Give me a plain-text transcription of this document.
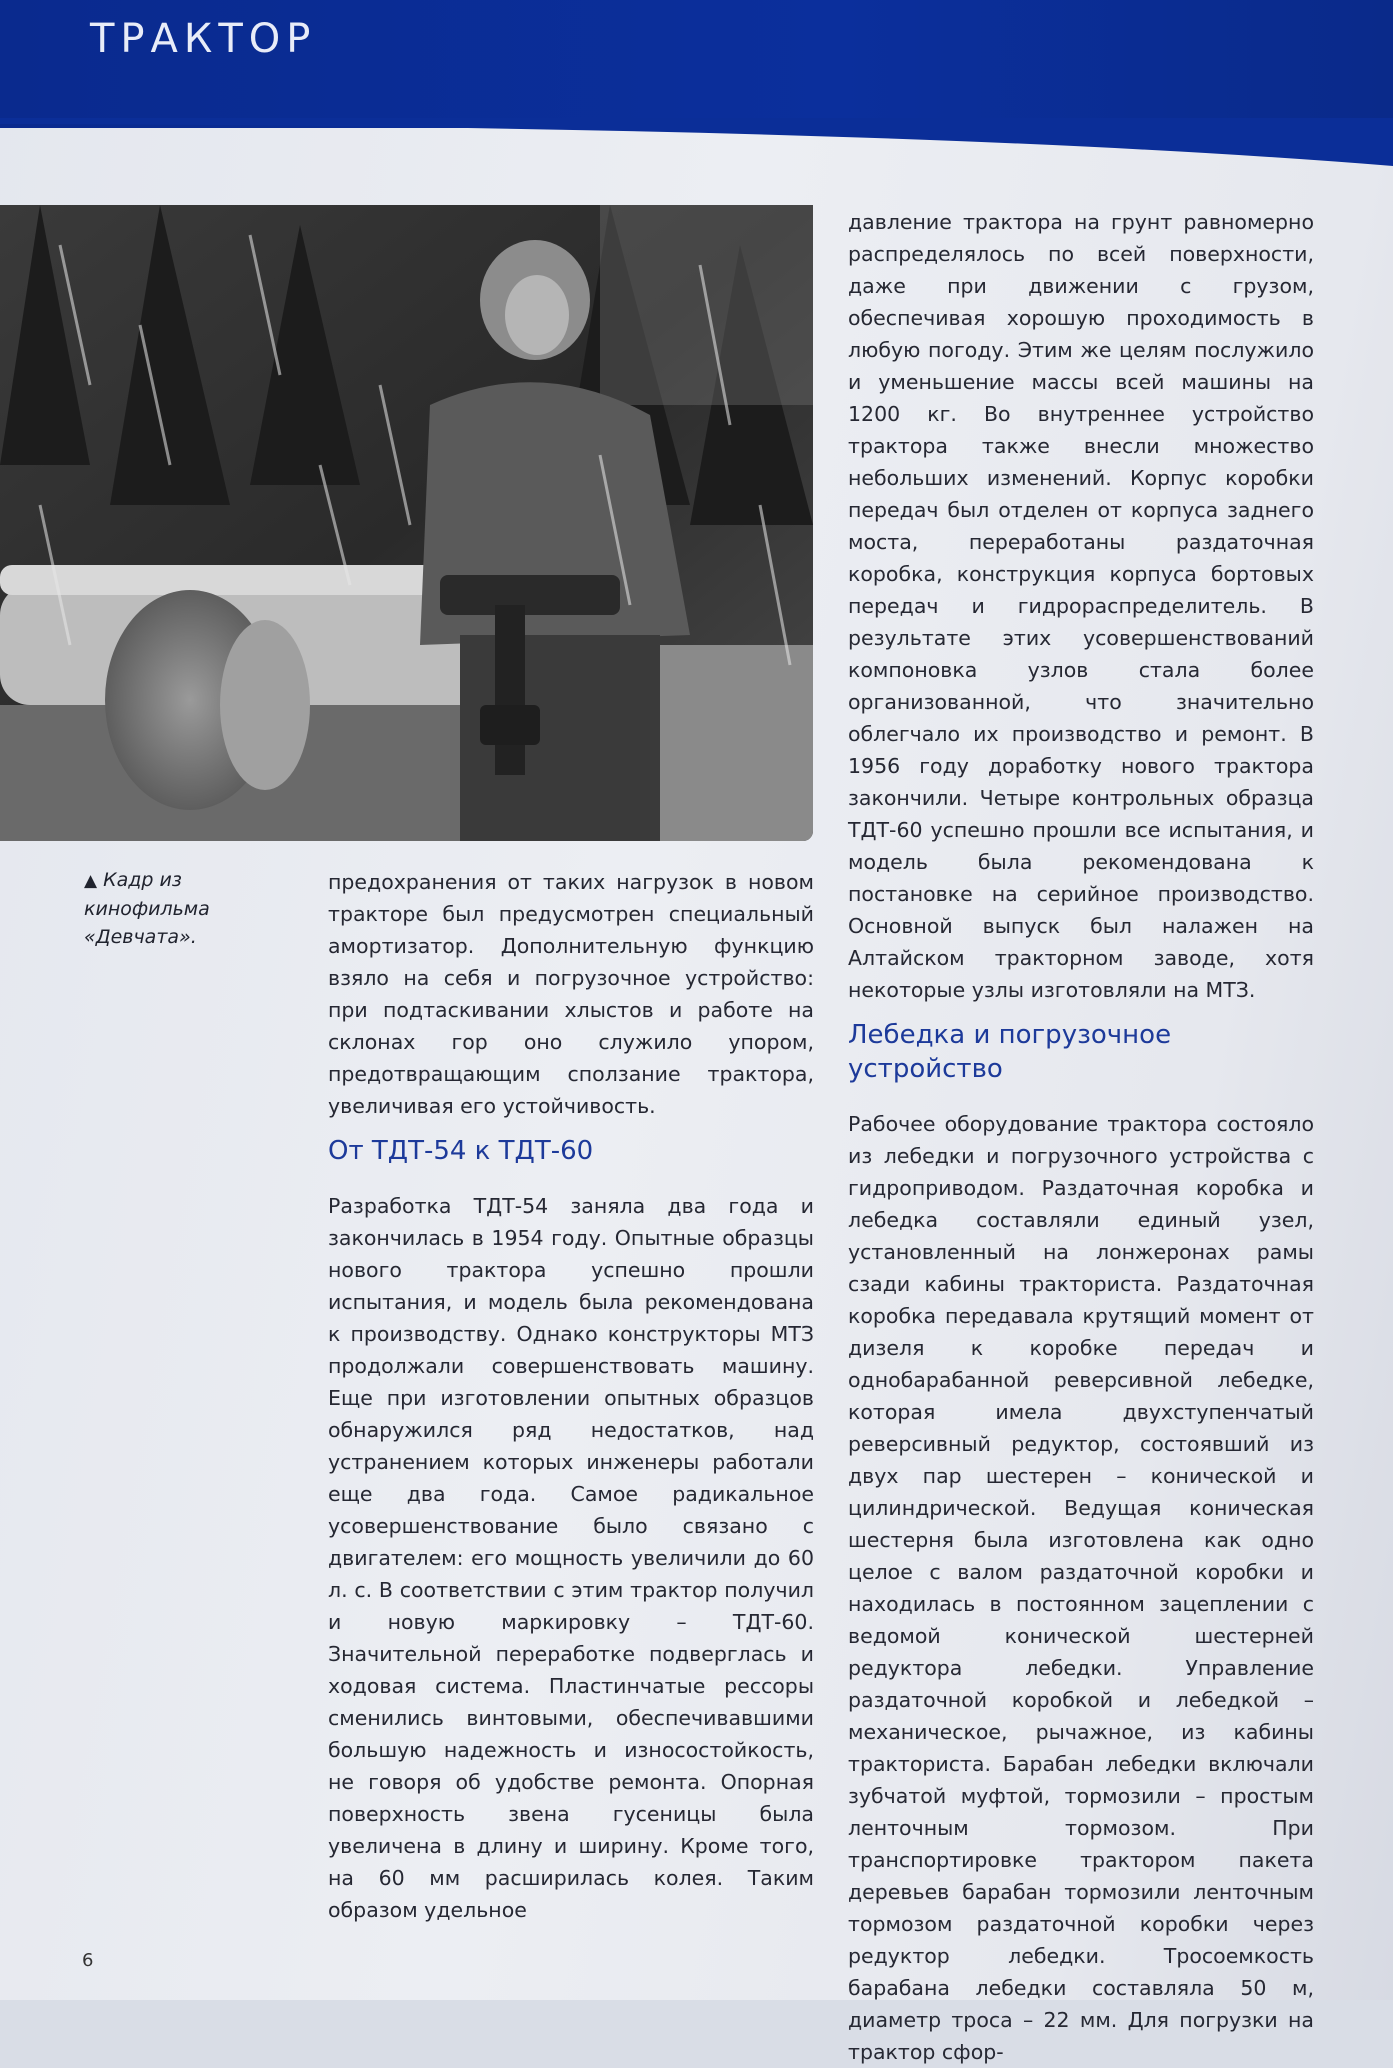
ТРАКТОР
▲ Кадр из кинофильма «Девчата».

предохранения от таких нагрузок в новом тракторе был предусмотрен специальный амортизатор. Дополнительную функцию взяло на себя и погрузочное устройство: при подтаскивании хлыстов и работе на склонах гор оно служило упором, предотвращающим сползание трактора, увеличивая его устойчивость.

От ТДТ-54 к ТДТ-60

Разработка ТДТ-54 заняла два года и закончилась в 1954 году. Опытные образцы нового трактора успешно прошли испытания, и модель была рекомендована к производству. Однако конструкторы МТЗ продолжали совершенствовать машину. Еще при изготовлении опытных образцов обнаружился ряд недостатков, над устранением которых инженеры работали еще два года. Самое радикальное усовершенствование было связано с двигателем: его мощность увеличили до 60 л. с. В соответствии с этим трактор получил и новую маркировку – ТДТ-60. Значительной переработке подверглась и ходовая система. Пластинчатые рессоры сменились винтовыми, обеспечивавшими большую надежность и износостойкость, не говоря об удобстве ремонта. Опорная поверхность звена гусеницы была увеличена в длину и ширину. Кроме того, на 60 мм расширилась колея. Таким образом удельное

давление трактора на грунт равномерно распределялось по всей поверхности, даже при движении с грузом, обеспечивая хорошую проходимость в любую погоду. Этим же целям послужило и уменьшение массы всей машины на 1200 кг. Во внутреннее устройство трактора также внесли множество небольших изменений. Корпус коробки передач был отделен от корпуса заднего моста, переработаны раздаточная коробка, конструкция корпуса бортовых передач и гидрораспределитель. В результате этих усовершенствований компоновка узлов стала более организованной, что значительно облегчало их производство и ремонт. В 1956 году доработку нового трактора закончили. Четыре контрольных образца ТДТ-60 успешно прошли все испытания, и модель была рекомендована к постановке на серийное производство. Основной выпуск был налажен на Алтайском тракторном заводе, хотя некоторые узлы изготовляли на МТЗ.

Лебедка и погрузочное устройство

Рабочее оборудование трактора состояло из лебедки и погрузочного устройства с гидроприводом. Раздаточная коробка и лебедка составляли единый узел, установленный на лонжеронах рамы сзади кабины тракториста. Раздаточная коробка передавала крутящий момент от дизеля к коробке передач и однобарабанной реверсивной лебедке, которая имела двухступенчатый реверсивный редуктор, состоявший из двух пар шестерен – конической и цилиндрической. Ведущая коническая шестерня была изготовлена как одно целое с валом раздаточной коробки и находилась в постоянном зацеплении с ведомой конической шестерней редуктора лебедки. Управление раздаточной коробкой и лебедкой – механическое, рычажное, из кабины тракториста. Барабан лебедки включали зубчатой муфтой, тормозили – простым ленточным тормозом. При транспортировке трактором пакета деревьев барабан тормозили ленточным тормозом раздаточной коробки через редуктор лебедки. Тросоемкость барабана лебедки составляла 50 м, диаметр троса – 22 мм. Для погрузки на трактор сфор-

6
